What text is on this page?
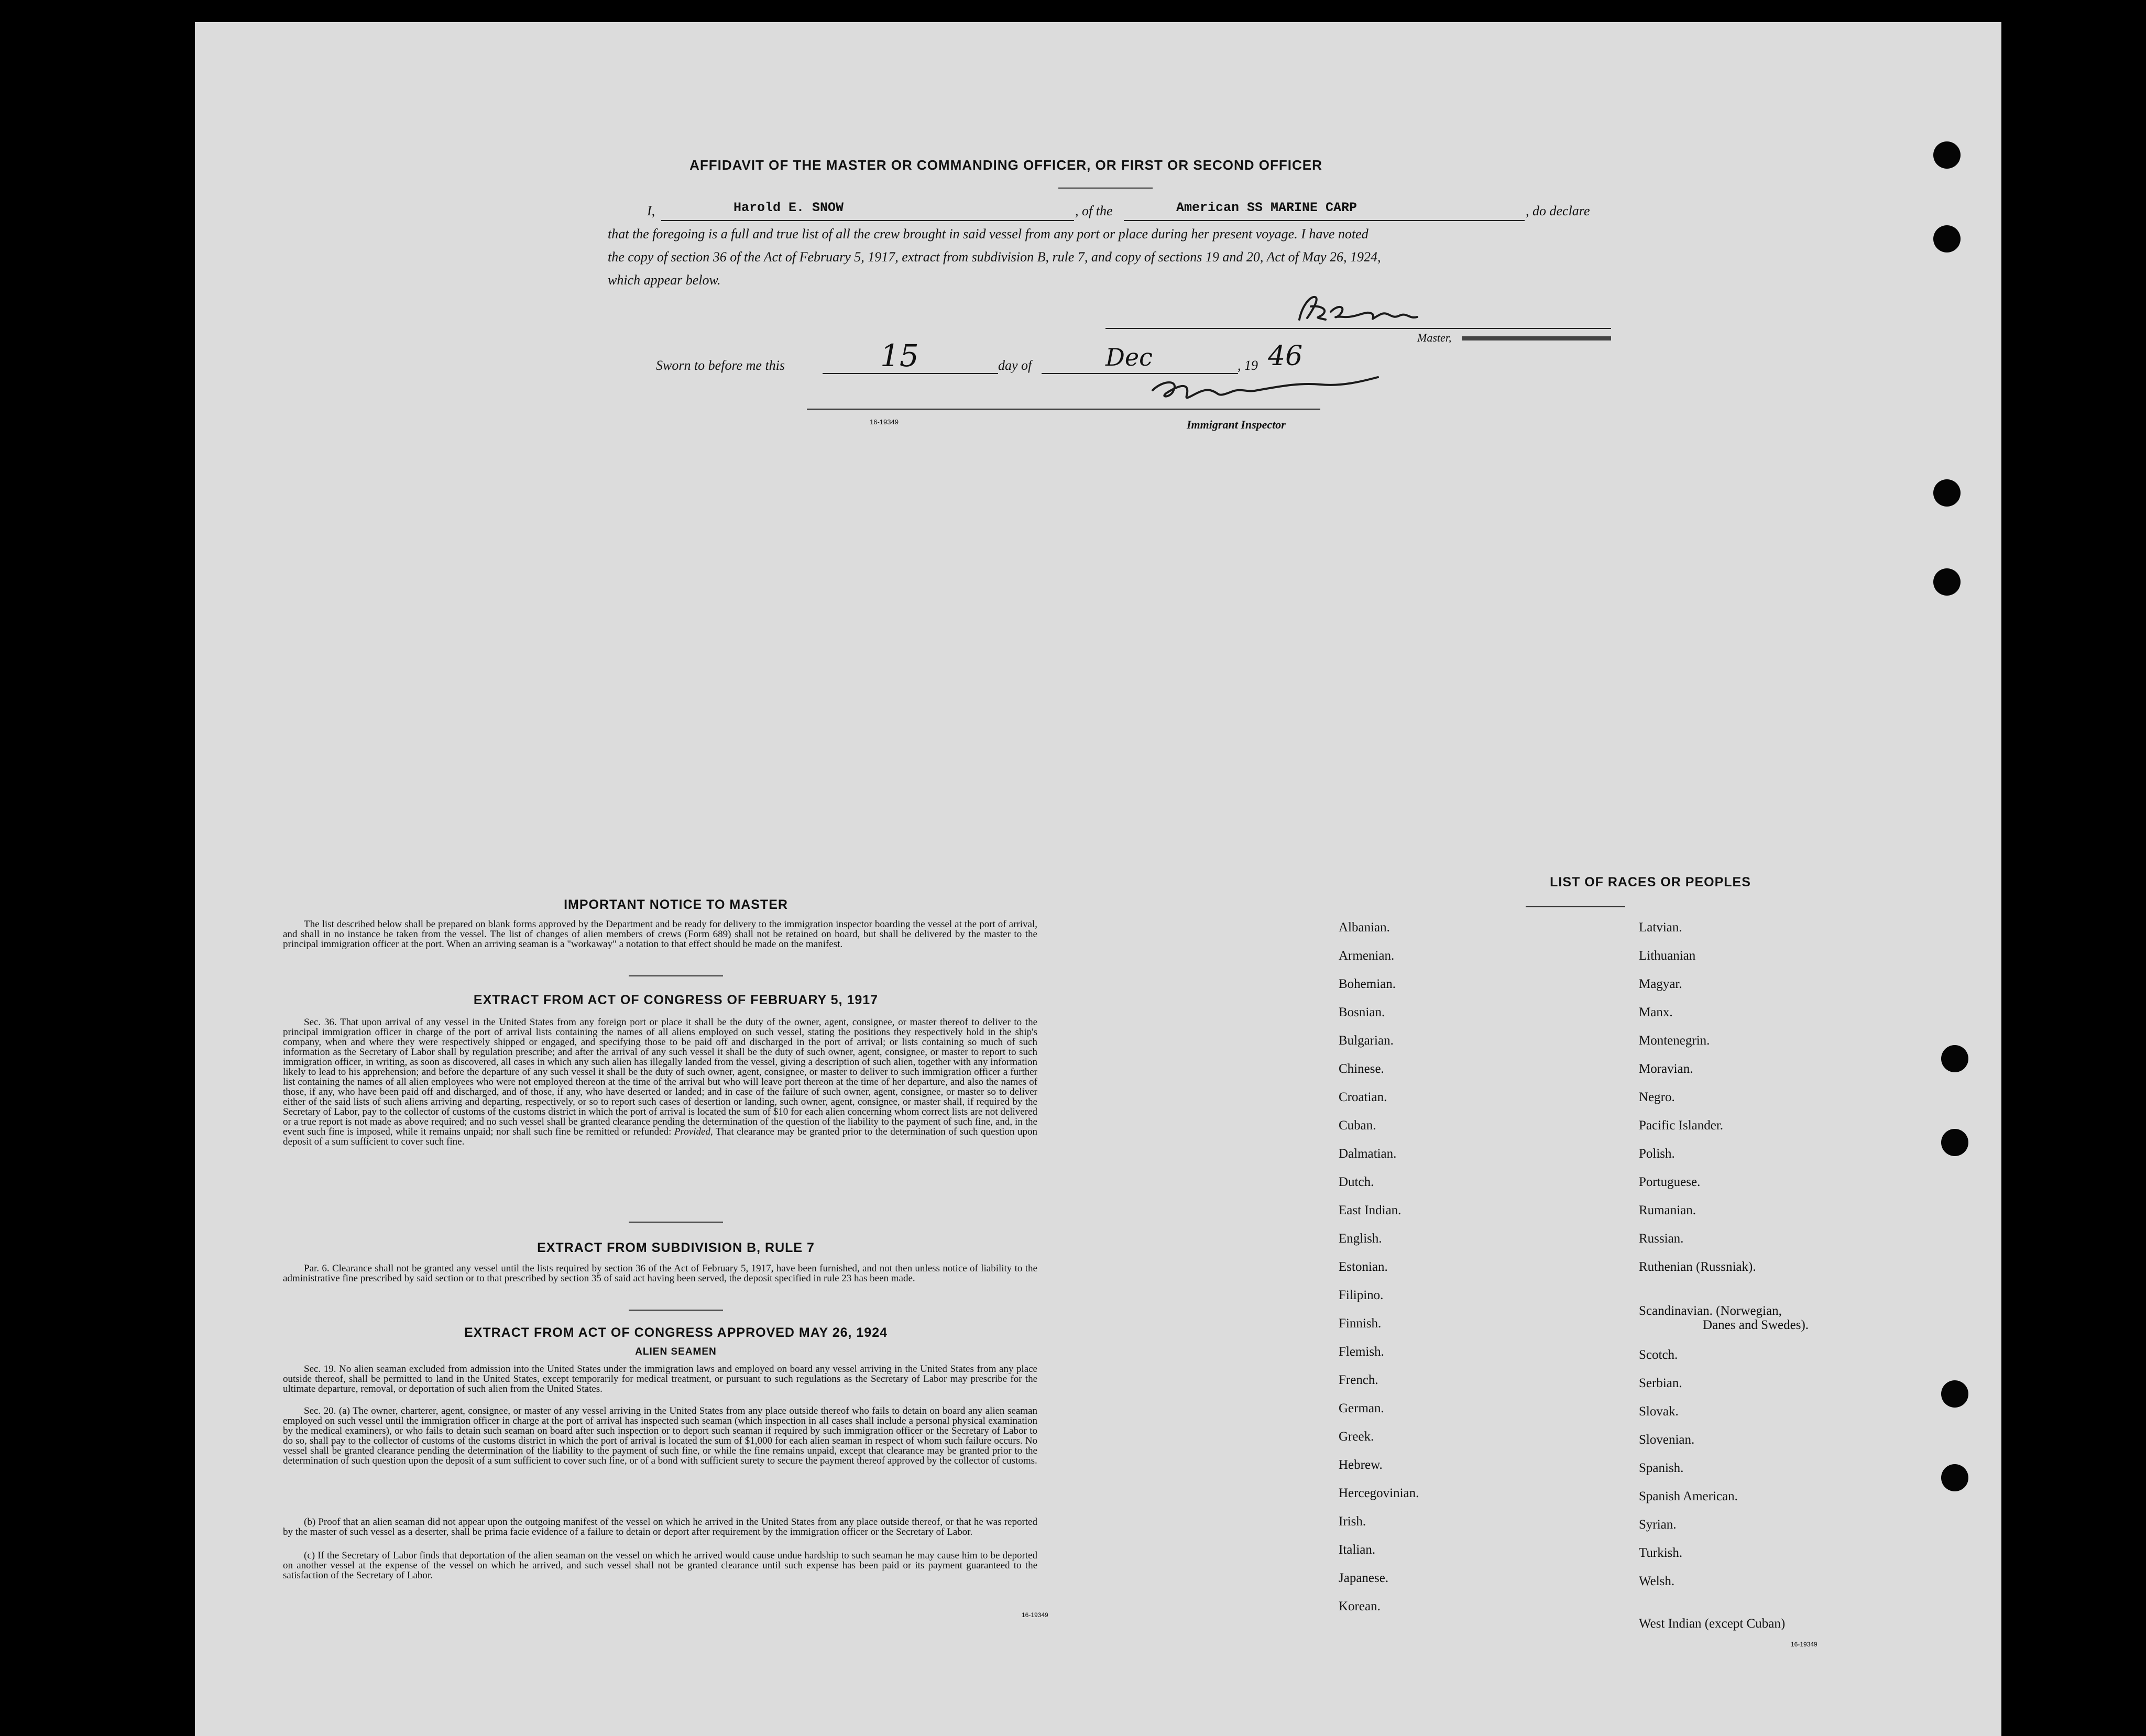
AFFIDAVIT OF THE MASTER OR COMMANDING OFFICER, OR FIRST OR SECOND OFFICER
I,	Harold E. SNOW	, of the	American SS MARINE CARP	, do declare
that the foregoing is a full and true list of all the crew brought in said vessel from any port or place during her present voyage. I have noted
the copy of section 36 of the Act of February 5, 1917, extract from subdivision B, rule 7, and copy of sections 19 and 20, Act of May 26, 1924,
which appear below.
Master,
Sworn to before me this	15	day of	Dec	, 19 46
16-19349	Immigrant Inspector
IMPORTANT NOTICE TO MASTER
The list described below shall be prepared on blank forms approved by the Department and be ready for delivery to the immigration inspector boarding the vessel at the port of arrival, and shall in no instance be taken from the vessel. The list of changes of alien members of crews (Form 689) shall not be retained on board, but shall be delivered by the master to the principal immigration officer at the port. When an arriving seaman is a "workaway" a notation to that effect should be made on the manifest.
EXTRACT FROM ACT OF CONGRESS OF FEBRUARY 5, 1917
Sec. 36. That upon arrival of any vessel in the United States from any foreign port or place it shall be the duty of the owner, agent, consignee, or master thereof to deliver to the principal immigration officer in charge of the port of arrival lists containing the names of all aliens employed on such vessel, stating the positions they respectively hold in the ship's company, when and where they were respectively shipped or engaged, and specifying those to be paid off and discharged in the port of arrival; or lists containing so much of such information as the Secretary of Labor shall by regulation prescribe; and after the arrival of any such vessel it shall be the duty of such owner, agent, consignee, or master to report to such immigration officer, in writing, as soon as discovered, all cases in which any such alien has illegally landed from the vessel, giving a description of such alien, together with any information likely to lead to his apprehension; and before the departure of any such vessel it shall be the duty of such owner, agent, consignee, or master to deliver to such immigration officer a further list containing the names of all alien employees who were not employed thereon at the time of the arrival but who will leave port thereon at the time of her departure, and also the names of those, if any, who have been paid off and discharged, and of those, if any, who have deserted or landed; and in case of the failure of such owner, agent, consignee, or master so to deliver either of the said lists of such aliens arriving and departing, respectively, or so to report such cases of desertion or landing, such owner, agent, consignee, or master shall, if required by the Secretary of Labor, pay to the collector of customs of the customs district in which the port of arrival is located the sum of $10 for each alien concerning whom correct lists are not delivered or a true report is not made as above required; and no such vessel shall be granted clearance pending the determination of the question of the liability to the payment of such fine, and, in the event such fine is imposed, while it remains unpaid; nor shall such fine be remitted or refunded: Provided, That clearance may be granted prior to the determination of such question upon deposit of a sum sufficient to cover such fine.
EXTRACT FROM SUBDIVISION B, RULE 7
Par. 6. Clearance shall not be granted any vessel until the lists required by section 36 of the Act of February 5, 1917, have been furnished, and not then unless notice of liability to the administrative fine prescribed by said section or to that prescribed by section 35 of said act having been served, the deposit specified in rule 23 has been made.
EXTRACT FROM ACT OF CONGRESS APPROVED MAY 26, 1924
ALIEN SEAMEN
Sec. 19. No alien seaman excluded from admission into the United States under the immigration laws and employed on board any vessel arriving in the United States from any place outside thereof, shall be permitted to land in the United States, except temporarily for medical treatment, or pursuant to such regulations as the Secretary of Labor may prescribe for the ultimate departure, removal, or deportation of such alien from the United States.
Sec. 20. (a) The owner, charterer, agent, consignee, or master of any vessel arriving in the United States from any place outside thereof who fails to detain on board any alien seaman employed on such vessel until the immigration officer in charge at the port of arrival has inspected such seaman (which inspection in all cases shall include a personal physical examination by the medical examiners), or who fails to detain such seaman on board after such inspection or to deport such seaman if required by such immigration officer or the Secretary of Labor to do so, shall pay to the collector of customs of the customs district in which the port of arrival is located the sum of $1,000 for each alien seaman in respect of whom such failure occurs. No vessel shall be granted clearance pending the determination of the liability to the payment of such fine, or while the fine remains unpaid, except that clearance may be granted prior to the determination of such question upon the deposit of a sum sufficient to cover such fine, or of a bond with sufficient surety to secure the payment thereof approved by the collector of customs.
(b) Proof that an alien seaman did not appear upon the outgoing manifest of the vessel on which he arrived in the United States from any place outside thereof, or that he was reported by the master of such vessel as a deserter, shall be prima facie evidence of a failure to detain or deport after requirement by the immigration officer or the Secretary of Labor.
(c) If the Secretary of Labor finds that deportation of the alien seaman on the vessel on which he arrived would cause undue hardship to such seaman he may cause him to be deported on another vessel at the expense of the vessel on which he arrived, and such vessel shall not be granted clearance until such expense has been paid or its payment guaranteed to the satisfaction of the Secretary of Labor.
16-19349
LIST OF RACES OR PEOPLES
Albanian.
Armenian.
Bohemian.
Bosnian.
Bulgarian.
Chinese.
Croatian.
Cuban.
Dalmatian.
Dutch.
East Indian.
English.
Estonian.
Filipino.
Finnish.
Flemish.
French.
German.
Greek.
Hebrew.
Hercegovinian.
Irish.
Italian.
Japanese.
Korean.
Latvian.
Lithuanian
Magyar.
Manx.
Montenegrin.
Moravian.
Negro.
Pacific Islander.
Polish.
Portuguese.
Rumanian.
Russian.
Ruthenian (Russniak).
Scandinavian. (Norwegian,
Danes and Swedes).
Scotch.
Serbian.
Slovak.
Slovenian.
Spanish.
Spanish American.
Syrian.
Turkish.
Welsh.
West Indian (except Cuban)
16-19349
